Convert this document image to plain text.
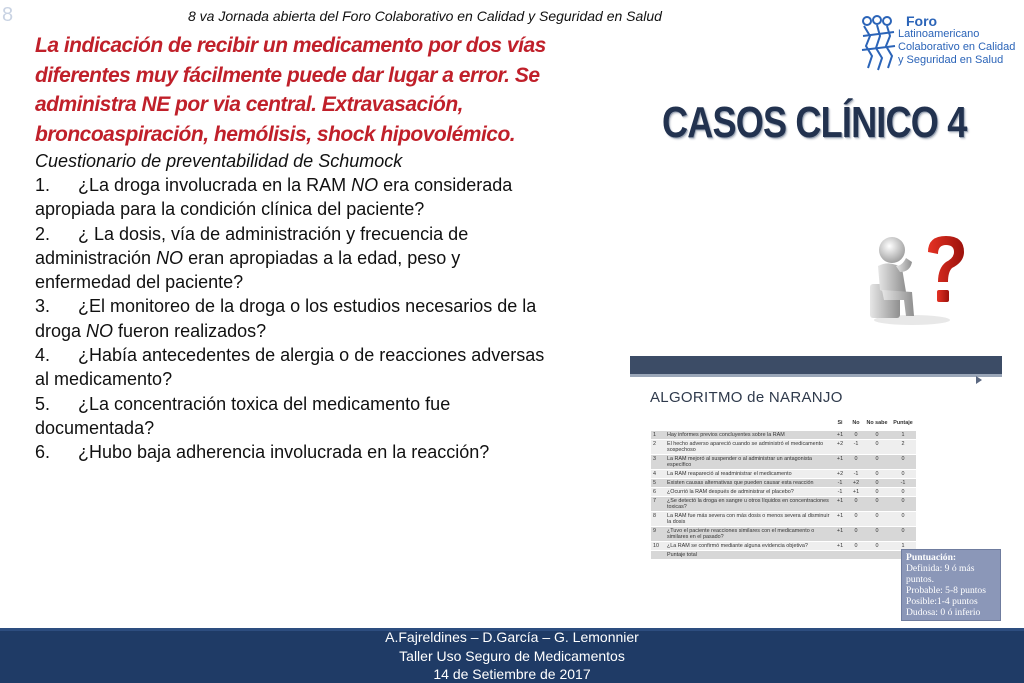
8	8 va Jornada abierta del Foro Colaborativo en Calidad y Seguridad en Salud	Foro
Latinoamericano
Colaborativo en Calidad
y Seguridad en Salud
CASOS CLÍNICO 4

La indicación de recibir un medicamento por dos vías diferentes muy fácilmente puede dar lugar a error. Se administra NE por via central. Extravasación, broncoaspiración, hemólisis, shock hipovolémico.

Cuestionario de preventabilidad de Schumock

1. ¿La droga involucrada en la RAM NO era considerada apropiada para la condición clínica del paciente?
2. ¿ La dosis, vía de administración y frecuencia de administración NO eran apropiadas a la edad, peso y enfermedad del paciente?
3. ¿El monitoreo de la droga o los estudios necesarios de la droga NO fueron realizados?
4. ¿Había antecedentes de alergia o de reacciones adversas al medicamento?
5. ¿La concentración toxica del medicamento fue documentada?
6. ¿Hubo baja adherencia involucrada en la reacción?
ALGORITMO de NARANJO
		Si	No	No sabe	Puntaje
1	Hay informes previos concluyentes sobre la RAM	+1	0	0	1
2	El hecho adverso apareció cuando se administró el medicamento sospechoso	+2	-1	0	2
3	La RAM mejoró al suspender o al administrar un antagonista específico	+1	0	0	0
4	La RAM reapareció al readministrar el medicamento	+2	-1	0	0
5	Existen causas alternativas que pueden causar esta reacción	-1	+2	0	-1
6	¿Ocurrió la RAM después de administrar el placebo?	-1	+1	0	0
7	¿Se detectó la droga en sangre u otros líquidos en concentraciones toxicas?	+1	0	0	0
8	La RAM fue más severa con más dosis o menos severa al disminuir la dosis	+1	0	0	0
9	¿Tuvo el paciente reacciones similares con el medicamento o similares en el pasado?	+1	0	0	0
10	¿La RAM se confirmó mediante alguna evidencia objetiva?	+1	0	0	1
	Puntaje total		Puntuación:
Definida: 9 ó más puntos.
Probable: 5-8 puntos
Posible:1-4 puntos
Dudosa: 0 ó inferio
A.Fajreldines – D.García – G. Lemonnier
Taller Uso Seguro de Medicamentos
14 de Setiembre de 2017
